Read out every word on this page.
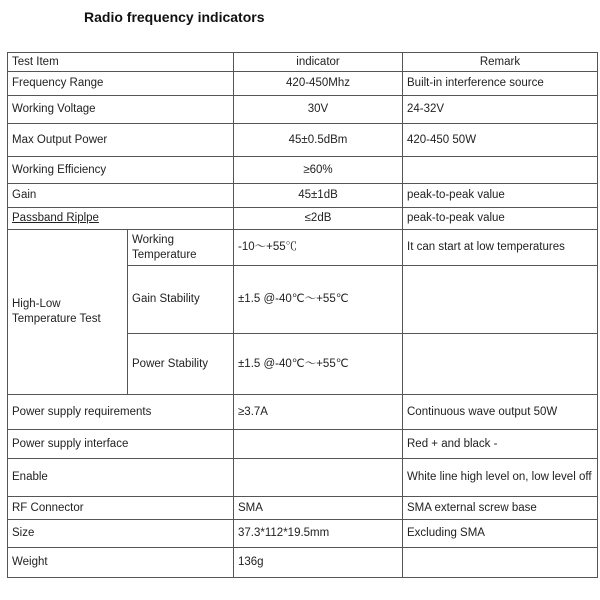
Radio frequency indicators
Test Item		indicator	Remark
Frequency Range		420-450Mhz	Built-in interference source
Working Voltage		30V	24-32V
Max Output Power		45±0.5dBm	420-450 50W
Working Efficiency		≥60%	
Gain		45±1dB	peak-to-peak value
Passband Riplpe		≤2dB	peak-to-peak value
High-Low Temperature Test	Working Temperature	-10～+55℃	It can start at low temperatures
	Gain Stability	±1.5 @-40℃～+55℃	
	Power Stability	±1.5 @-40℃～+55℃	
Power supply requirements		≥3.7A	Continuous wave output 50W
Power supply interface			Red + and black -
Enable			White line high level on, low level off
RF Connector		SMA	SMA external screw base
Size		37.3*112*19.5mm	Excluding SMA
Weight		136g	
